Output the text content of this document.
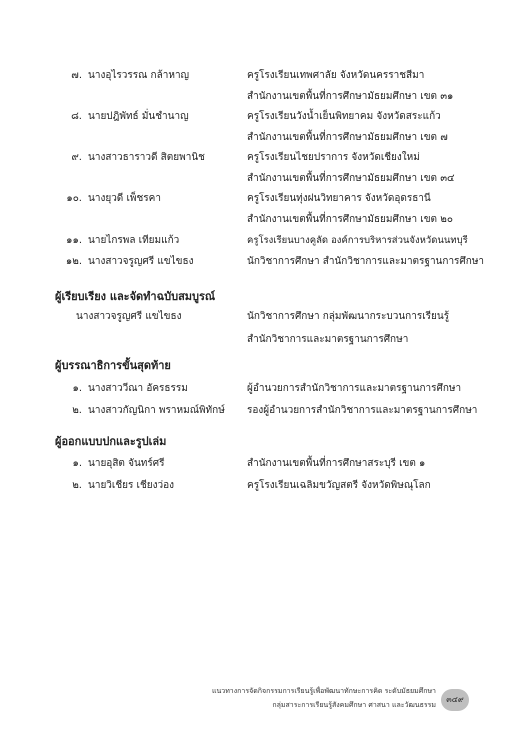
๗. นางอุไรวรรณ กล้าหาญ	ครูโรงเรียนเทพศาลัย จังหวัดนครราชสีมา
สำนักงานเขตพื้นที่การศึกษามัธยมศึกษา เขต ๓๑
๘. นายปฎิพัทธ์ มั่นชำนาญ	ครูโรงเรียนวังน้ำเย็นพิทยาคม จังหวัดสระแก้ว
สำนักงานเขตพื้นที่การศึกษามัธยมศึกษา เขต ๗
๙. นางสาวธาราวดี สิตยพานิช	ครูโรงเรียนไชยปราการ จังหวัดเชียงใหม่
สำนักงานเขตพื้นที่การศึกษามัธยมศึกษา เขต ๓๔
๑๐. นางยุวดี เพ็ชรคา	ครูโรงเรียนทุ่งฝนวิทยาคาร จังหวัดอุดรธานี
สำนักงานเขตพื้นที่การศึกษามัธยมศึกษา เขต ๒๐
๑๑. นายไกรพล เทียมแก้ว	ครูโรงเรียนบางคูลัด องค์การบริหารส่วนจังหวัดนนทบุรี
๑๒. นางสาวจรูญศรี แขไขธง	นักวิชาการศึกษา สำนักวิชาการและมาตรฐานการศึกษา
ผู้เรียบเรียง และจัดทำฉบับสมบูรณ์
นางสาวจรูญศรี แขไขธง	นักวิชาการศึกษา กลุ่มพัฒนากระบวนการเรียนรู้
สำนักวิชาการและมาตรฐานการศึกษา
ผู้บรรณาธิการขั้นสุดท้าย
๑. นางสาววีณา อัครธรรม	ผู้อำนวยการสำนักวิชาการและมาตรฐานการศึกษา
๒. นางสาวกัญนิกา พราหมณ์พิทักษ์ รองผู้อำนวยการสำนักวิชาการและมาตรฐานการศึกษา
ผู้ออกแบบปกและรูปเล่ม
๑. นายอุสิต จันทร์ศรี	สำนักงานเขตพื้นที่การศึกษาสระบุรี เขต ๑
๒. นายวิเชียร เชียงว่อง	ครูโรงเรียนเฉลิมขวัญสตรี จังหวัดพิษณุโลก
แนวทางการจัดกิจกรรมการเรียนรู้เพื่อพัฒนาทักษะการคิด ระดับมัธยมศึกษา
กลุ่มสาระการเรียนรู้สังคมศึกษา ศาสนา และวัฒนธรรม
๓๔๙
